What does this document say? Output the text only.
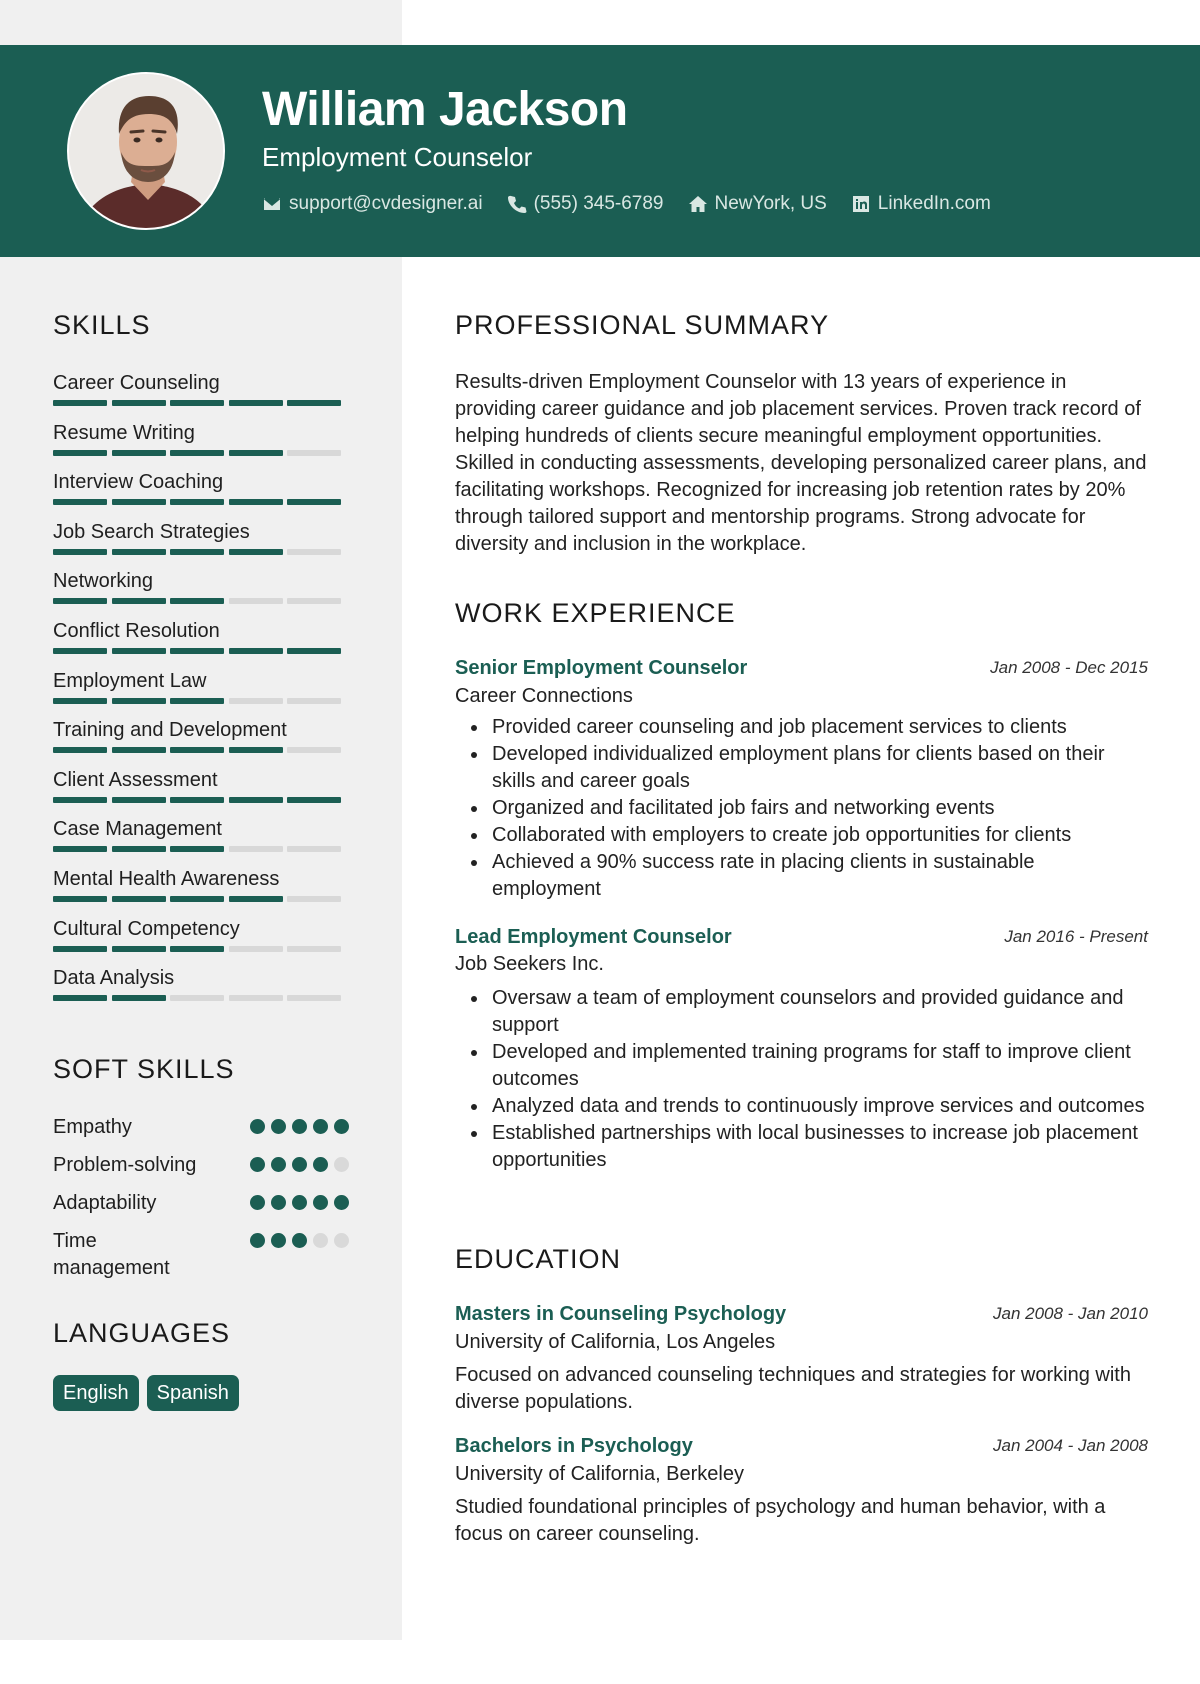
William Jackson
Employment Counselor
support@cvdesigner.ai	(555) 345-6789	NewYork, US	LinkedIn.com
SKILLS
Career Counseling
Resume Writing
Interview Coaching
Job Search Strategies
Networking
Conflict Resolution
Employment Law
Training and Development
Client Assessment
Case Management
Mental Health Awareness
Cultural Competency
Data Analysis
SOFT SKILLS
Empathy
Problem-solving
Adaptability
Time management
LANGUAGES
English	Spanish
PROFESSIONAL SUMMARY
Results-driven Employment Counselor with 13 years of experience in providing career guidance and job placement services. Proven track record of helping hundreds of clients secure meaningful employment opportunities. Skilled in conducting assessments, developing personalized career plans, and facilitating workshops. Recognized for increasing job retention rates by 20% through tailored support and mentorship programs. Strong advocate for diversity and inclusion in the workplace.
WORK EXPERIENCE
Senior Employment Counselor	Jan 2008 - Dec 2015
Career Connections
Provided career counseling and job placement services to clients
Developed individualized employment plans for clients based on their skills and career goals
Organized and facilitated job fairs and networking events
Collaborated with employers to create job opportunities for clients
Achieved a 90% success rate in placing clients in sustainable employment
Lead Employment Counselor	Jan 2016 - Present
Job Seekers Inc.
Oversaw a team of employment counselors and provided guidance and support
Developed and implemented training programs for staff to improve client outcomes
Analyzed data and trends to continuously improve services and outcomes
Established partnerships with local businesses to increase job placement opportunities
EDUCATION
Masters in Counseling Psychology	Jan 2008 - Jan 2010
University of California, Los Angeles
Focused on advanced counseling techniques and strategies for working with diverse populations.
Bachelors in Psychology	Jan 2004 - Jan 2008
University of California, Berkeley
Studied foundational principles of psychology and human behavior, with a focus on career counseling.
